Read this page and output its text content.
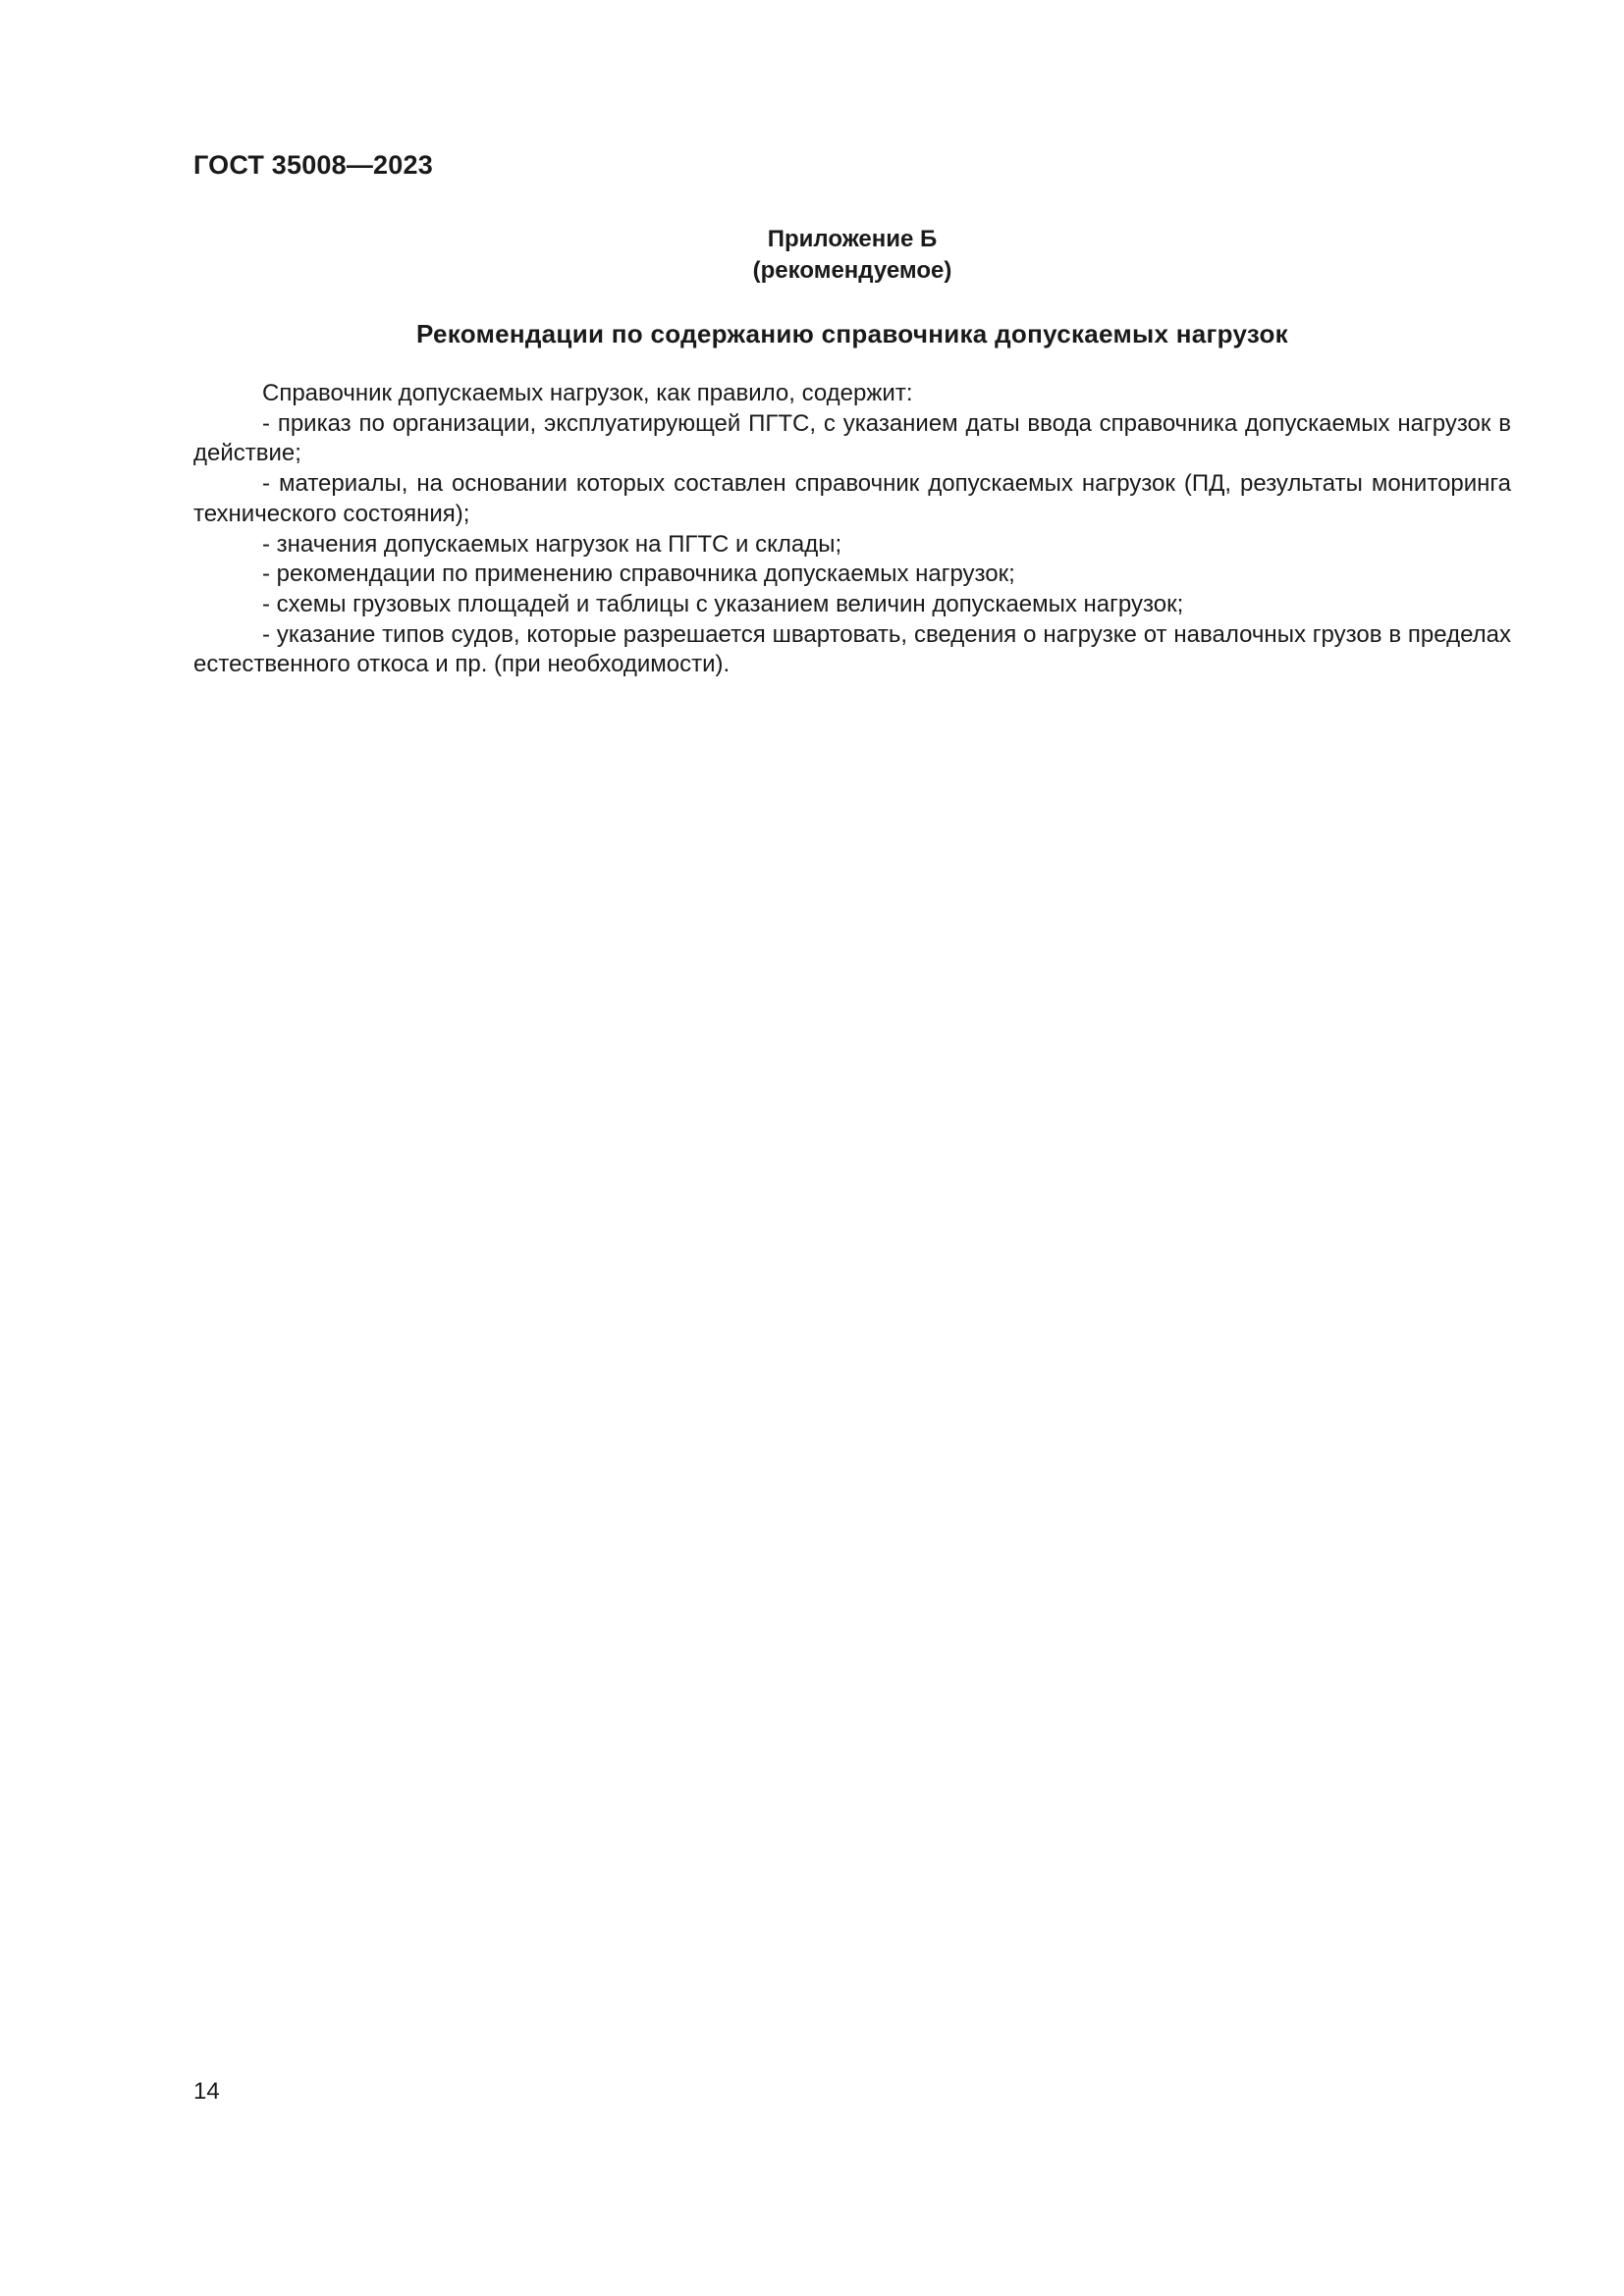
ГОСТ 35008—2023
Приложение Б
(рекомендуемое)
Рекомендации по содержанию справочника допускаемых нагрузок

Справочник допускаемых нагрузок, как правило, содержит:

- приказ по организации, эксплуатирующей ПГТС, с указанием даты ввода справочника допускаемых нагрузок в действие;

- материалы, на основании которых составлен справочник допускаемых нагрузок (ПД, результаты мониторинга технического состояния);

- значения допускаемых нагрузок на ПГТС и склады;

- рекомендации по применению справочника допускаемых нагрузок;

- схемы грузовых площадей и таблицы с указанием величин допускаемых нагрузок;

- указание типов судов, которые разрешается швартовать, сведения о нагрузке от навалочных грузов в пределах естественного откоса и пр. (при необходимости).

14
